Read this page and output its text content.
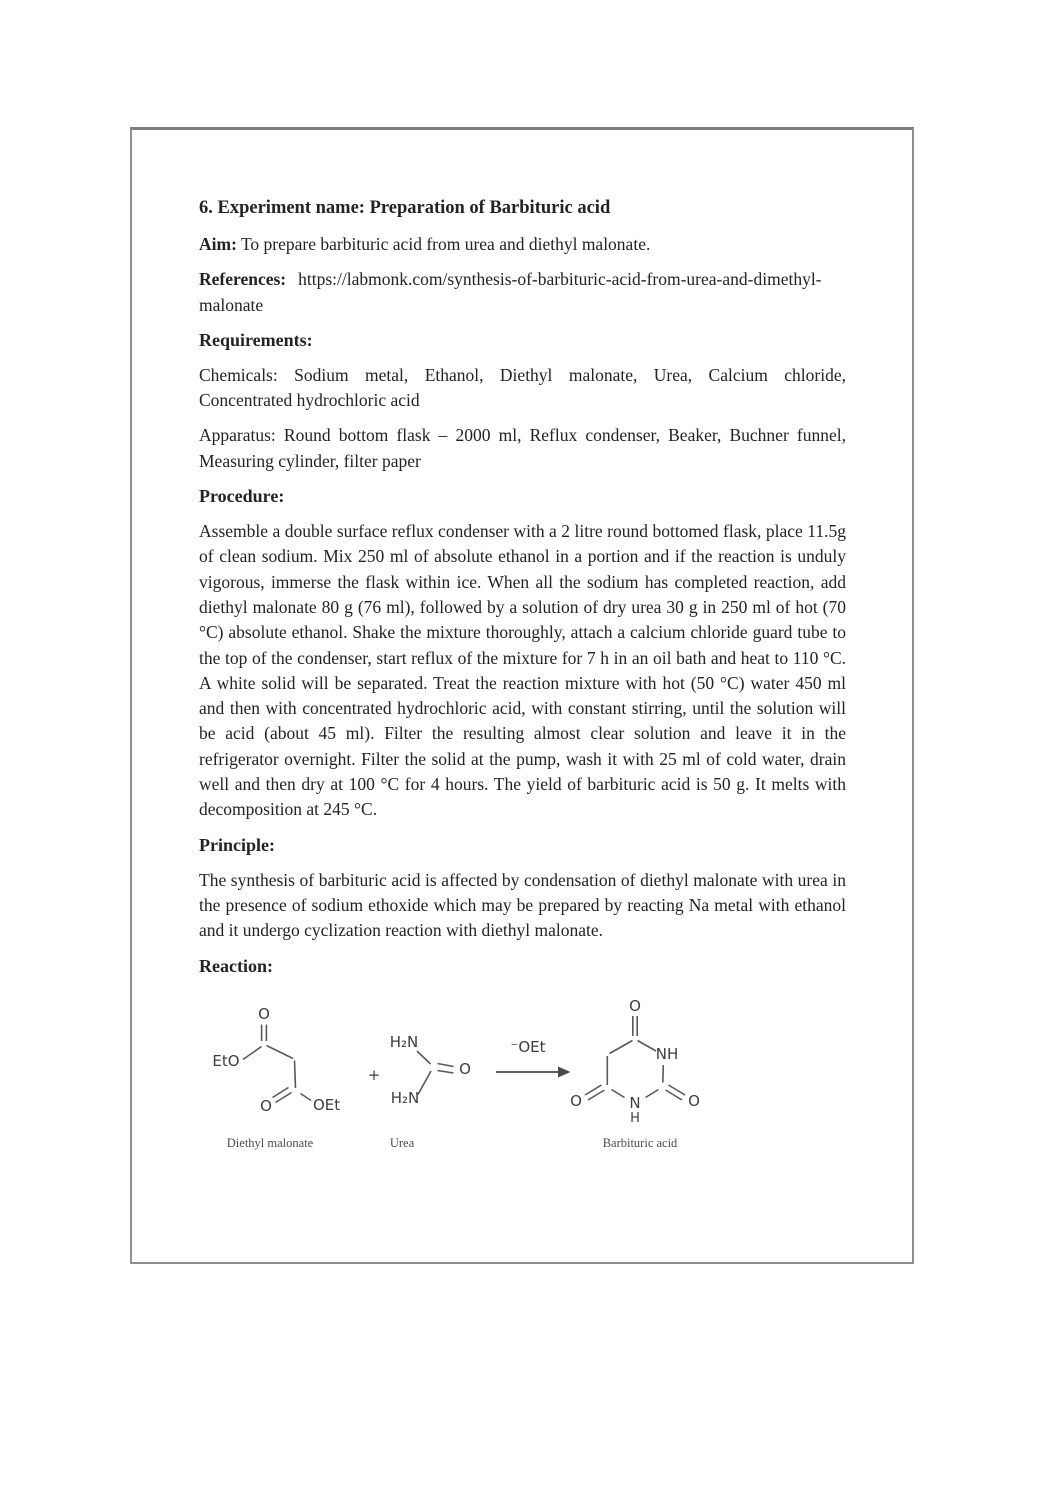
6. Experiment name: Preparation of Barbituric acid

Aim: To prepare barbituric acid from urea and diethyl malonate.

References: https://labmonk.com/synthesis-of-barbituric-acid-from-urea-and-dimethyl-malonate

Requirements:

Chemicals: Sodium metal, Ethanol, Diethyl malonate, Urea, Calcium chloride, Concentrated hydrochloric acid

Apparatus: Round bottom flask – 2000 ml, Reflux condenser, Beaker, Buchner funnel, Measuring cylinder, filter paper

Procedure:

Assemble a double surface reflux condenser with a 2 litre round bottomed flask, place 11.5g of clean sodium. Mix 250 ml of absolute ethanol in a portion and if the reaction is unduly vigorous, immerse the flask within ice. When all the sodium has completed reaction, add diethyl malonate 80 g (76 ml), followed by a solution of dry urea 30 g in 250 ml of hot (70 °C) absolute ethanol. Shake the mixture thoroughly, attach a calcium chloride guard tube to the top of the condenser, start reflux of the mixture for 7 h in an oil bath and heat to 110 °C. A white solid will be separated. Treat the reaction mixture with hot (50 °C) water 450 ml and then with concentrated hydrochloric acid, with constant stirring, until the solution will be acid (about 45 ml). Filter the resulting almost clear solution and leave it in the refrigerator overnight. Filter the solid at the pump, wash it with 25 ml of cold water, drain well and then dry at 100 °C for 4 hours. The yield of barbituric acid is 50 g. It melts with decomposition at 245 °C.

Principle:

The synthesis of barbituric acid is affected by condensation of diethyl malonate with urea in the presence of sodium ethoxide which may be prepared by reacting Na metal with ethanol and it undergo cyclization reaction with diethyl malonate.

Reaction:
O
EtO
O	OEt
Diethyl malonate
+
H₂N
O
H₂N
Urea
⁻OEt
O
NH
O
N
H
O
Barbituric acid
